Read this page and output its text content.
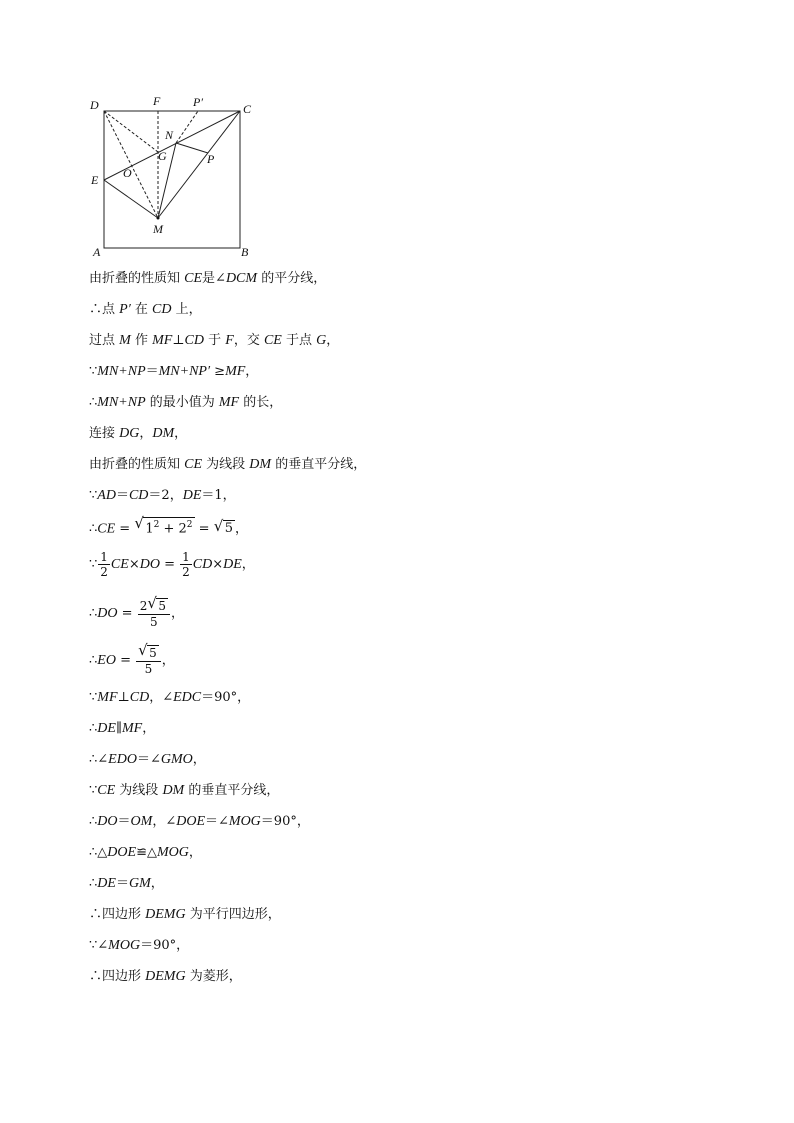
D	F	P′	C
N
G	P
E O
M
A	B
由折叠的性质知 CE是∠DCM 的平分线，
∴点 P′ 在 CD 上，
过点 M 作 MF⊥CD 于 F，交 CE 于点 G，
∵MN+NP＝MN+NP′ ≥MF，
∴MN+NP 的最小值为 MF 的长，
连接 DG，DM，
由折叠的性质知 CE 为线段 DM 的垂直平分线，
∵AD＝CD＝2，DE＝1，
∴CE = √ $1^2 + 2^2$ = √ 5 ，
∵ $\frac{1}{2} CE\times DO = \frac{1}{2} CD\times DE$，
∴DO = $\frac{2 √ 5}{5}$ ，
∴EO = $\frac{√ 5}{5}$ ，
∵MF⊥CD，∠EDC＝90°，
∴DE∥MF，
∴∠EDO＝∠GMO，
∵CE 为线段 DM 的垂直平分线，
∴DO＝OM，∠DOE＝∠MOG＝90°，
∴△DOE≌△MOG，
∴DE＝GM，
∴四边形 DEMG 为平行四边形，
∵∠MOG＝90°，
∴四边形 DEMG 为菱形，
